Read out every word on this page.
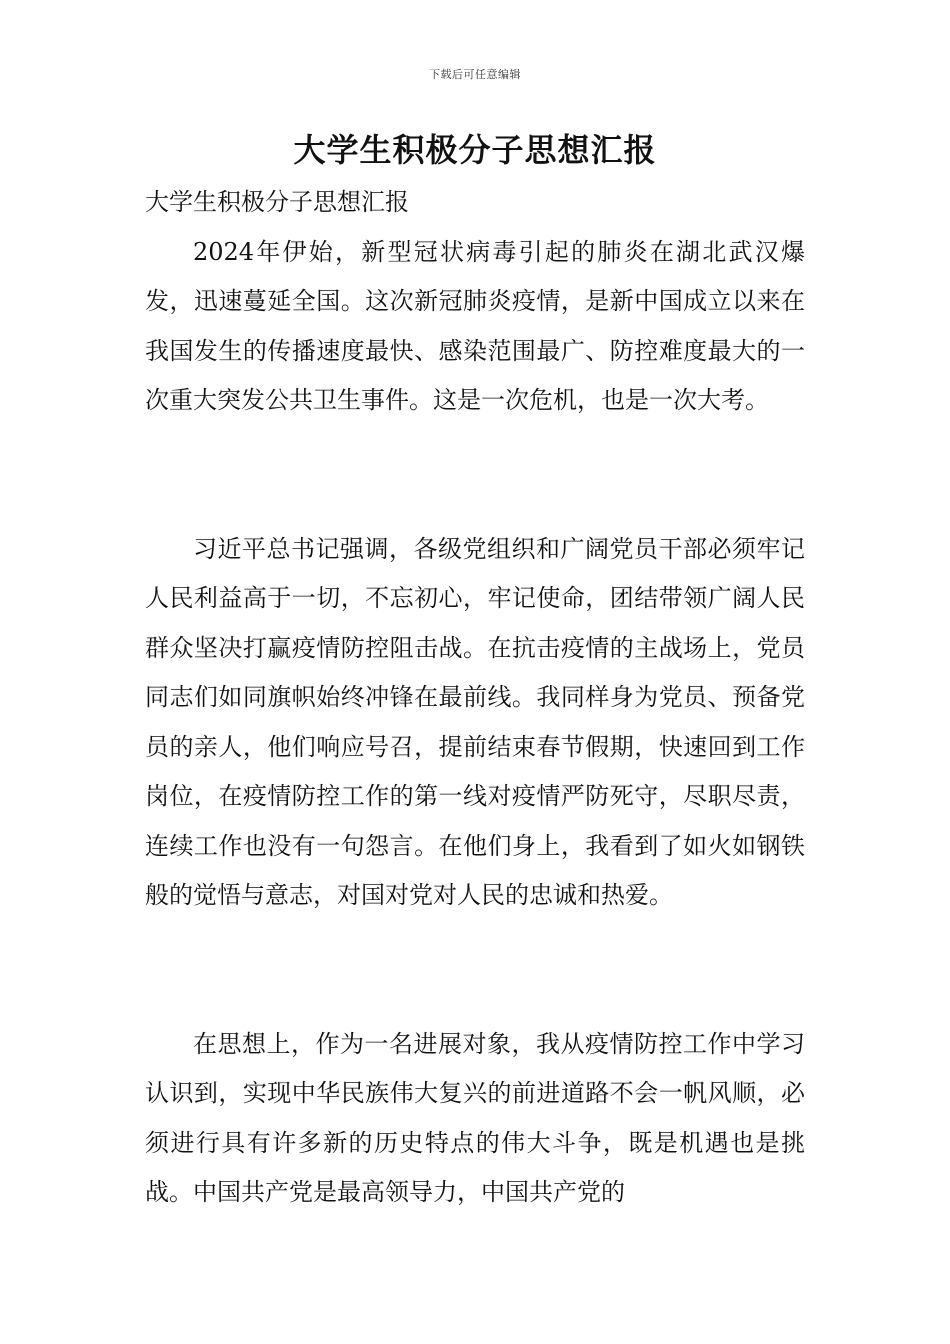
下载后可任意编辑
大学生积极分子思想汇报

大学生积极分子思想汇报

2024年伊始，新型冠状病毒引起的肺炎在湖北武汉爆发，迅速蔓延全国。这次新冠肺炎疫情，是新中国成立以来在我国发生的传播速度最快、感染范围最广、防控难度最大的一次重大突发公共卫生事件。这是一次危机，也是一次大考。

习近平总书记强调，各级党组织和广阔党员干部必须牢记人民利益高于一切，不忘初心，牢记使命，团结带领广阔人民群众坚决打赢疫情防控阻击战。在抗击疫情的主战场上，党员同志们如同旗帜始终冲锋在最前线。我同样身为党员、预备党员的亲人，他们响应号召，提前结束春节假期，快速回到工作岗位，在疫情防控工作的第一线对疫情严防死守，尽职尽责，连续工作也没有一句怨言。在他们身上，我看到了如火如钢铁般的觉悟与意志，对国对党对人民的忠诚和热爱。

在思想上，作为一名进展对象，我从疫情防控工作中学习认识到，实现中华民族伟大复兴的前进道路不会一帆风顺，必须进行具有许多新的历史特点的伟大斗争，既是机遇也是挑战。中国共产党是最高领导力，中国共产党的
